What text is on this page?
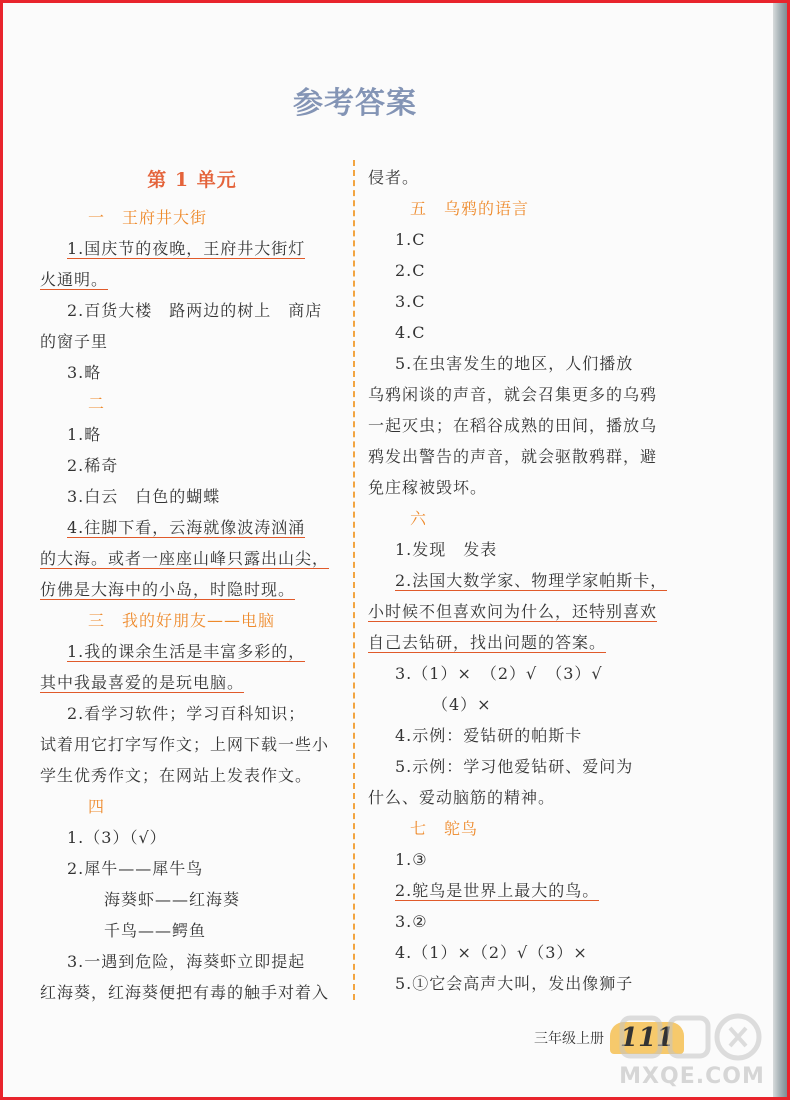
参考答案
第 1 单元
一　王府井大街
1.国庆节的夜晚，王府井大街灯
火通明。
2.百货大楼　路两边的树上　商店
的窗子里
3.略
二
1.略
2.稀奇
3.白云　白色的蝴蝶
4.往脚下看，云海就像波涛汹涌
的大海。或者一座座山峰只露出山尖，
仿佛是大海中的小岛，时隐时现。
三　我的好朋友——电脑
1.我的课余生活是丰富多彩的，
其中我最喜爱的是玩电脑。
2.看学习软件；学习百科知识；
试着用它打字写作文；上网下载一些小
学生优秀作文；在网站上发表作文。
四
1.（3）（√）
2.犀牛——犀牛鸟
海葵虾——红海葵
千鸟——鳄鱼
3.一遇到危险，海葵虾立即提起
红海葵，红海葵便把有毒的触手对着入
侵者。
五　乌鸦的语言
1.C
2.C
3.C
4.C
5.在虫害发生的地区，人们播放
乌鸦闲谈的声音，就会召集更多的乌鸦
一起灭虫；在稻谷成熟的田间，播放乌
鸦发出警告的声音，就会驱散鸦群，避
免庄稼被毁坏。
六
1.发现　发表
2.法国大数学家、物理学家帕斯卡，
小时候不但喜欢问为什么，还特别喜欢
自己去钻研，找出问题的答案。
3.（1）×　（2）√　（3）√
（4）×
4.示例：爱钻研的帕斯卡
5.示例：学习他爱钻研、爱问为
什么、爱动脑筋的精神。
七　鸵鸟
1.③
2.鸵鸟是世界上最大的鸟。
3.②
4.（1）×（2）√（3）×
5.①它会高声大叫，发出像狮子
三年级上册 111
MXQE.COM
